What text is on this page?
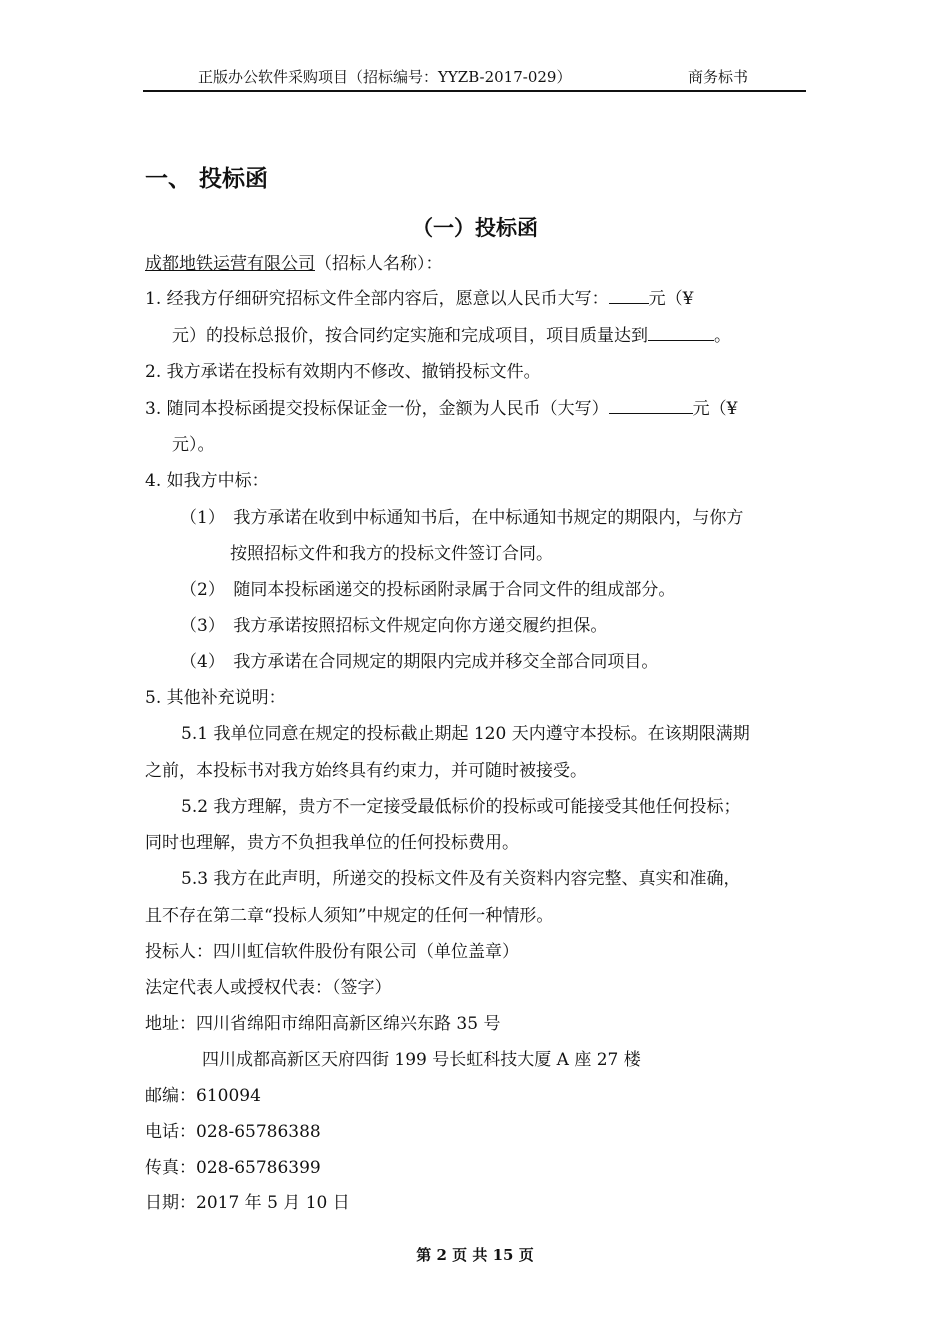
正版办公软件采购项目（招标编号：YYZB-2017-029）	商务标书
一、 投标函
（一）投标函
成都地铁运营有限公司（招标人名称）：
1. 经我方仔细研究招标文件全部内容后，愿意以人民币大写： 元（¥
元）的投标总报价，按合同约定实施和完成项目，项目质量达到	。
2. 我方承诺在投标有效期内不修改、撤销投标文件。
3. 随同本投标函提交投标保证金一份，金额为人民币（大写）	元（¥
元）。
4. 如我方中标：
（1）　我方承诺在收到中标通知书后，在中标通知书规定的期限内，与你方
按照招标文件和我方的投标文件签订合同。
（2）　随同本投标函递交的投标函附录属于合同文件的组成部分。
（3）　我方承诺按照招标文件规定向你方递交履约担保。
（4）　我方承诺在合同规定的期限内完成并移交全部合同项目。
5. 其他补充说明：
5.1 我单位同意在规定的投标截止期起 120 天内遵守本投标。在该期限满期
之前，本投标书对我方始终具有约束力，并可随时被接受。
5.2 我方理解，贵方不一定接受最低标价的投标或可能接受其他任何投标；
同时也理解，贵方不负担我单位的任何投标费用。
5.3 我方在此声明，所递交的投标文件及有关资料内容完整、真实和准确，
且不存在第二章“投标人须知”中规定的任何一种情形。
投标人：四川虹信软件股份有限公司（单位盖章）
法定代表人或授权代表：（签字）
地址：四川省绵阳市绵阳高新区绵兴东路 35 号
四川成都高新区天府四街 199 号长虹科技大厦 A 座 27 楼
邮编：610094
电话：028-65786388
传真：028-65786399
日期：2017 年 5 月 10 日
第 2 页 共 15 页
